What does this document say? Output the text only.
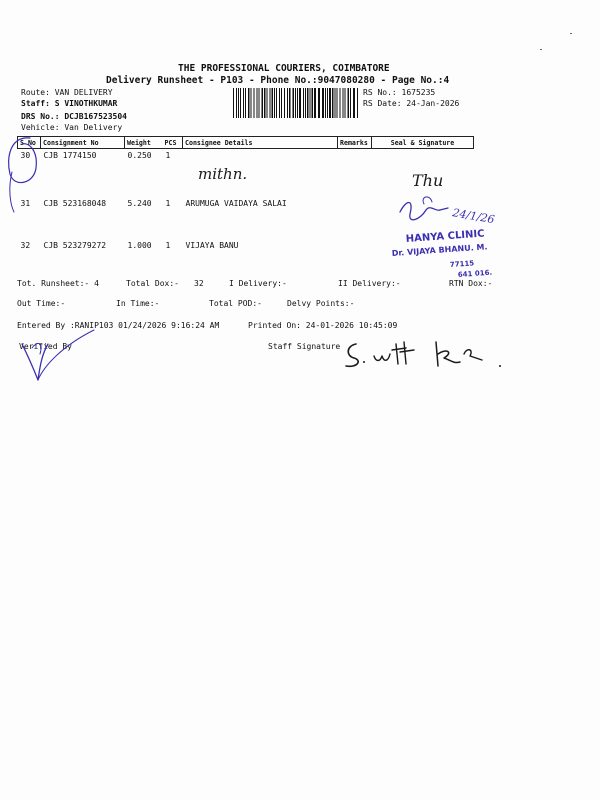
THE PROFESSIONAL COURIERS, COIMBATORE
Delivery Runsheet - P103 - Phone No.:9047080280 - Page No.:4
Route: VAN DELIVERY
Staff: S VINOTHKUMAR
DRS No.: DCJB167523504
Vehicle: Van Delivery
RS No.: 1675235
RS Date: 24-Jan-2026
S No	Consignment No	Weight	PCS	Consignee Details	Remarks	Seal & Signature
30	CJB 1774150	0.250	1			
31	CJB 523168048	5.240	1	ARUMUGA VAIDAYA SALAI		
32	CJB 523279272	1.000	1	VIJAYA BANU		
Tot. Runsheet:- 4	Total Dox:- 32	I Delivery:-	II Delivery:-	RTN Dox:-
Out Time:-	In Time:-	Total POD:-	Delvy Points:-
Entered By :RANIP103 01/24/2026 9:16:24 AM	Printed On: 24-01-2026 10:45:09
Verified By	Staff Signature
mithn.	Thu
24/1/26
HANYA CLINIC
Dr. VIJAYA BHANU. M.
77115
641 016.
